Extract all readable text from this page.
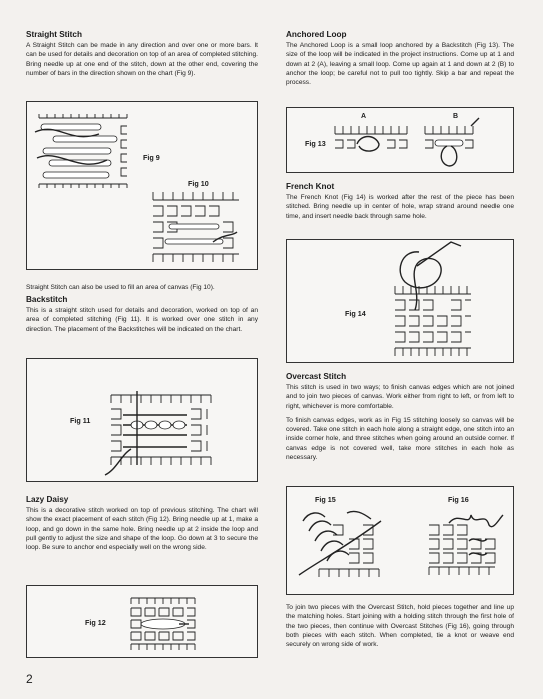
Straight Stitch

A Straight Stitch can be made in any direction and over one or more bars. It can be used for details and decoration on top of an area of completed stitching. Bring needle up at one end of the stitch, down at the other end, covering the number of bars in the direction shown on the chart (Fig 9).

Fig 9
Fig 10

Straight Stitch can also be used to fill an area of canvas (Fig 10).

Backstitch

This is a straight stitch used for details and decoration, worked on top of an area of completed stitching (Fig 11). It is worked over one stitch in any direction. The placement of the Backstitches will be indicated on the chart.

Fig 11
Lazy Daisy

This is a decorative stitch worked on top of previous stitching. The chart will show the exact placement of each stitch (Fig 12). Bring needle up at 1, make a loop, and go down in the same hole. Bring needle up at 2 inside the loop and pull gently to adjust the size and shape of the loop. Go down at 3 to secure the loop. Be sure to anchor end especially well on the wrong side.

Fig 12
Anchored Loop

The Anchored Loop is a small loop anchored by a Backstitch (Fig 13). The size of the loop will be indicated in the project instructions. Come up at 1 and down at 2 (A), leaving a small loop. Come up again at 1 and down at 2 (B) to anchor the loop; be careful not to pull too tightly. Skip a bar and repeat the process.

A	B
Fig 13
French Knot

The French Knot (Fig 14) is worked after the rest of the piece has been stitched. Bring needle up in center of hole, wrap strand around needle one time, and insert needle back through same hole.

Fig 14
Overcast Stitch

This stitch is used in two ways; to finish canvas edges which are not joined and to join two pieces of canvas. Work either from right to left, or from left to right, whichever is more comfortable.

To finish canvas edges, work as in Fig 15 stitching loosely so canvas will be covered. Take one stitch in each hole along a straight edge, one stitch into an inside corner hole, and three stitches when going around an outside corner. If canvas edge is not covered well, take more stitches in each hole as necessary.

Fig 15	Fig 16

To join two pieces with the Overcast Stitch, hold pieces together and line up the matching holes. Start joining with a holding stitch through the first hole of the two pieces, then continue with Overcast Stitches (Fig 16), going through both pieces with each stitch. When completed, tie a knot or weave end securely on wrong side of work.

2
